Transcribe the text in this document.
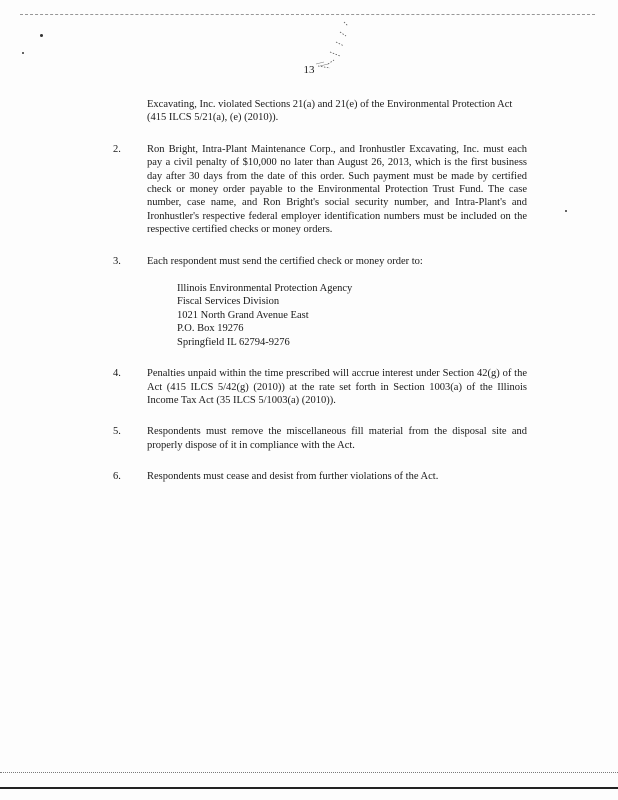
13

Excavating, Inc. violated Sections 21(a) and 21(e) of the Environmental Protection Act (415 ILCS 5/21(a), (e) (2010)).

2.	Ron Bright, Intra-Plant Maintenance Corp., and Ironhustler Excavating, Inc. must each pay a civil penalty of $10,000 no later than August 26, 2013, which is the first business day after 30 days from the date of this order. Such payment must be made by certified check or money order payable to the Environmental Protection Trust Fund. The case number, case name, and Ron Bright's social security number, and Intra-Plant's and Ironhustler's respective federal employer identification numbers must be included on the respective certified checks or money orders.

3.	Each respondent must send the certified check or money order to:

Illinois Environmental Protection Agency
Fiscal Services Division
1021 North Grand Avenue East
P.O. Box 19276
Springfield IL 62794-9276
4.	Penalties unpaid within the time prescribed will accrue interest under Section 42(g) of the Act (415 ILCS 5/42(g) (2010)) at the rate set forth in Section 1003(a) of the Illinois Income Tax Act (35 ILCS 5/1003(a) (2010)).

5.	Respondents must remove the miscellaneous fill material from the disposal site and properly dispose of it in compliance with the Act.

6.	Respondents must cease and desist from further violations of the Act.
